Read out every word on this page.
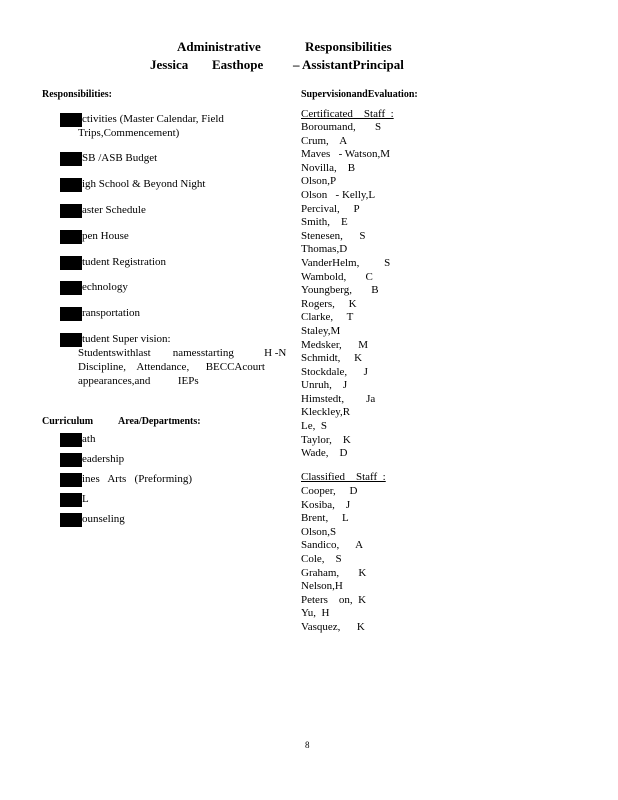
Administrative	Responsibilities
Jessica Easthope – AssistantPrincipal
Responsibilities:
ctivities (Master Calendar, Field
Trips,Commencement)
SB /ASB Budget
igh School & Beyond Night
aster Schedule
pen House
tudent Registration
echnology
ransportation
tudent Super vision:
Studentswithlast        namesstarting           H -N
Discipline,    Attendance,      BECCAcourt
appearances,and          IEPs
Curriculum Area/Departments:
ath
eadership
ines   Arts   (Preforming)
L
ounseling
SupervisionandEvaluation:
Certificated    Staff  :
Boroumand,       S
Crum,    A
Maves   - Watson,M
Novilla,    B
Olson,P
Olson   - Kelly,L
Percival,     P
Smith,    E
Stenesen,      S
Thomas,D
VanderHelm,         S
Wambold,       C
Youngberg,       B
Rogers,     K
Clarke,     T
Staley,M
Medsker,      M
Schmidt,     K
Stockdale,      J
Unruh,    J
Himstedt,        Ja
Kleckley,R
Le,  S
Taylor,    K
Wade,    D
Classified    Staff  :
Cooper,     D
Kosiba,    J
Brent,     L
Olson,S
Sandico,      A
Cole,    S
Graham,       K
Nelson,H
Peters    on,  K
Yu,  H
Vasquez,      K
8
